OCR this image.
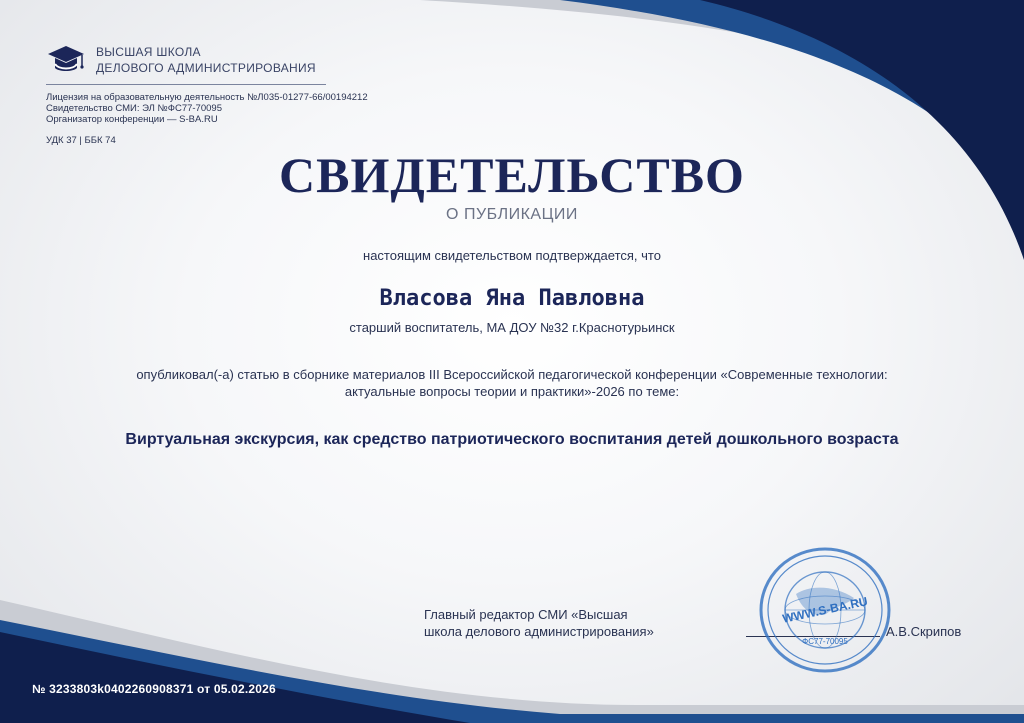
ВЫСШАЯ ШКОЛА
ДЕЛОВОГО АДМИНИСТРИРОВАНИЯ
Лицензия на образовательную деятельность №Л035-01277-66/00194212
Свидетельство СМИ: ЭЛ №ФС77-70095
Организатор конференции — S-BA.RU
УДК 37 | ББК 74
СВИДЕТЕЛЬСТВО
О ПУБЛИКАЦИИ
настоящим свидетельством подтверждается, что
Власова Яна Павловна
старший воспитатель, МА ДОУ №32 г.Краснотурьинск
опубликовал(-а) статью в сборнике материалов III Всероссийской педагогической конференции «Современные технологии: актуальные вопросы теории и практики»-2026 по теме:
Виртуальная экскурсия, как средство патриотического воспитания детей дошкольного возраста
Главный редактор СМИ «Высшая
школа делового администрирования»
WWW.S-BA.RU
ФС77-70095
А.В.Скрипов
№ 3233803k0402260908371 от 05.02.2026
